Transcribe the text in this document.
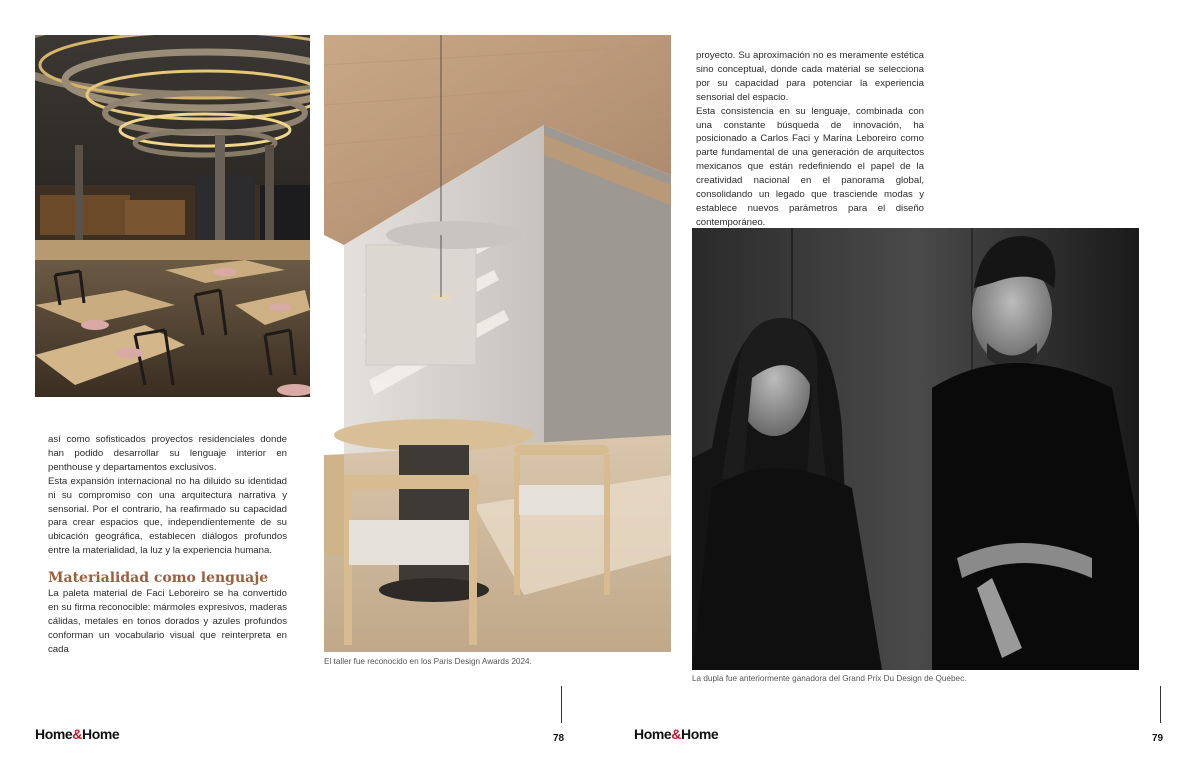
así como sofisticados proyectos residenciales donde han podido desarrollar su lenguaje interior en penthouse y departamentos exclusivos.

Esta expansión internacional no ha diluido su identidad ni su compromiso con una arquitectura narrativa y sensorial. Por el contrario, ha reafirmado su capacidad para crear espacios que, independientemente de su ubicación geográfica, establecen diálogos profundos entre la materialidad, la luz y la experiencia humana.

Materialidad como lenguaje

La paleta material de Faci Leboreiro se ha convertido en su firma reconocible: mármoles expresivos, maderas cálidas, metales en tonos dorados y azules profundos conforman un vocabulario visual que reinterpreta en cada

El taller fue reconocido en los Paris Design Awards 2024.
Home&Home	78

proyecto. Su aproximación no es meramente estética sino conceptual, donde cada material se selecciona por su capacidad para potenciar la experiencia sensorial del espacio.

Esta consistencia en su lenguaje, combinada con una constante búsqueda de innovación, ha posicionado a Carlos Faci y Marina Leboreiro como parte fundamental de una generación de arquitectos mexicanos que están redefiniendo el papel de la creatividad nacional en el panorama global, consolidando un legado que trasciende modas y establece nuevos parámetros para el diseño contemporáneo.

La dupla fue anteriormente ganadora del Grand Prix Du Design de Quebec.
Home&Home	79
